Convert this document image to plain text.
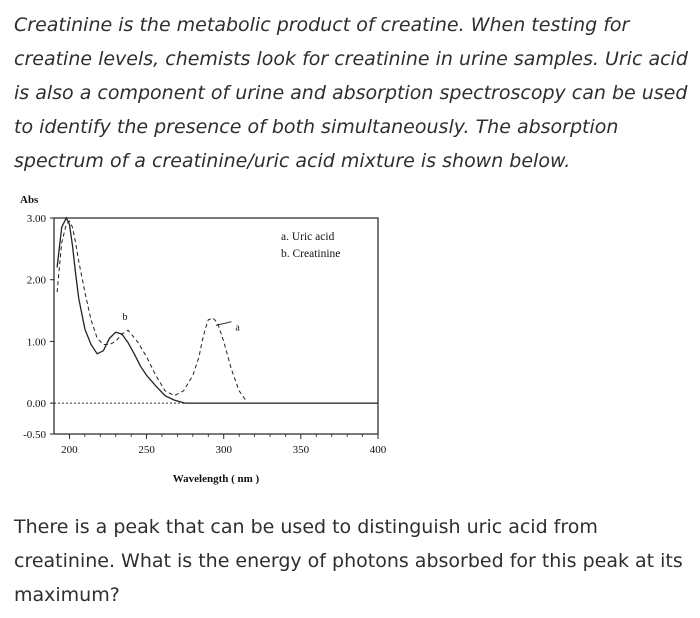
Creatinine is the metabolic product of creatine. When testing for creatine levels, chemists look for creatinine in urine samples. Uric acid is also a component of urine and absorption spectroscopy can be used to identify the presence of both simultaneously. The absorption spectrum of a creatinine/uric acid mixture is shown below.

Abs
Wavelength ( nm )
3.00
2.00
1.00
0.00
-0.50
200	250	300	350	400
b
a
a. Uric acid
b. Creatinine

There is a peak that can be used to distinguish uric acid from creatinine. What is the energy of photons absorbed for this peak at its maximum?
